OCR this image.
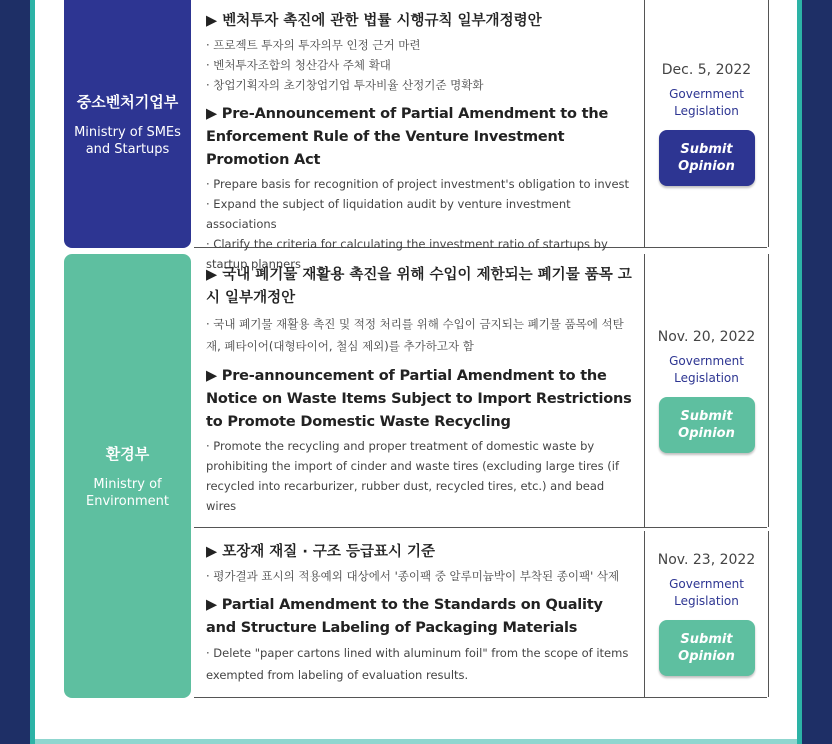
중소벤처기업부
Ministry of SMEs and Startups
환경부
Ministry of Environment
▶ 벤처투자 촉진에 관한 법률 시행규칙 일부개정령안
· 프로젝트 투자의 투자의무 인정 근거 마련
· 벤처투자조합의 청산감사 주체 확대
· 창업기획자의 초기창업기업 투자비율 산정기준 명확화
▶ Pre-Announcement of Partial Amendment to the Enforcement Rule of the Venture Investment Promotion Act
· Prepare basis for recognition of project investment's obligation to invest
· Expand the subject of liquidation audit by venture investment associations
· Clarify the criteria for calculating the investment ratio of startups by startup planners
Dec. 5, 2022
Government Legislation
Submit Opinion
▶ 국내 폐기물 재활용 촉진을 위해 수입이 제한되는 폐기물 품목 고시 일부개정안
· 국내 폐기물 재활용 촉진 및 적정 처리를 위해 수입이 금지되는 폐기물 품목에 석탄재, 폐타이어(대형타이어, 철심 제외)를 추가하고자 함
▶ Pre-announcement of Partial Amendment to the Notice on Waste Items Subject to Import Restrictions to Promote Domestic Waste Recycling
· Promote the recycling and proper treatment of domestic waste by prohibiting the import of cinder and waste tires (excluding large tires (if recycled into recarburizer, rubber dust, recycled tires, etc.) and bead wires
Nov. 20, 2022
Government Legislation
Submit Opinion
▶ 포장재 재질 · 구조 등급표시 기준
· 평가결과 표시의 적용예외 대상에서 '종이팩 중 알루미늄박이 부착된 종이팩' 삭제
▶ Partial Amendment to the Standards on Quality and Structure Labeling of Packaging Materials
· Delete "paper cartons lined with aluminum foil" from the scope of items exempted from labeling of evaluation results.
Nov. 23, 2022
Government Legislation
Submit Opinion
